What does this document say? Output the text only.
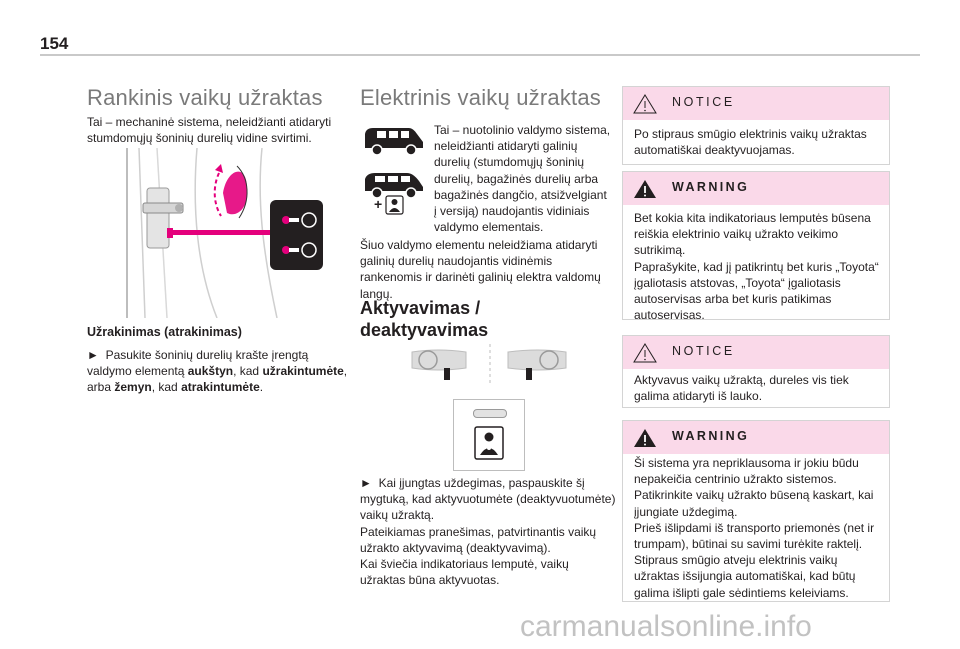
154
Rankinis vaikų užraktas
Tai – mechaninė sistema, neleidžianti atidaryti stumdomųjų šoninių durelių vidine svirtimi.
Užrakinimas (atrakinimas)
► Pasukite šoninių durelių krašte įrengtą valdymo elementą aukštyn, kad užrakintumėte, arba žemyn, kad atrakintumėte.
Elektrinis vaikų užraktas
+
Tai – nuotolinio valdymo sistema, neleidžianti atidaryti galinių durelių (stumdomųjų šoninių durelių, bagažinės durelių arba bagažinės dangčio, atsižvelgiant į versiją) naudojantis vidiniais valdymo elementais.
Šiuo valdymo elementu neleidžiama atidaryti galinių durelių naudojantis vidinėmis rankenomis ir darinėti galinių elektra valdomų langų.
Aktyvavimas /
deaktyvavimas
► Kai įjungtas uždegimas, paspauskite šį mygtuką, kad aktyvuotumėte (deaktyvuotumėte) vaikų užraktą.
Pateikiamas pranešimas, patvirtinantis vaikų užrakto aktyvavimą (deaktyvavimą).
Kai šviečia indikatoriaus lemputė, vaikų užraktas būna aktyvuotas.
NOTICE
Po stipraus smūgio elektrinis vaikų užraktas automatiškai deaktyvuojamas.
WARNING
Bet kokia kita indikatoriaus lemputės būsena reiškia elektrinio vaikų užrakto veikimo sutrikimą.
Paprašykite, kad jį patikrintų bet kuris „Toyota“ įgaliotasis atstovas, „Toyota“ įgaliotasis autoservisas arba bet kuris patikimas autoservisas.
NOTICE
Aktyvavus vaikų užraktą, dureles vis tiek galima atidaryti iš lauko.
WARNING
Ši sistema yra nepriklausoma ir jokiu būdu nepakeičia centrinio užrakto sistemos.
Patikrinkite vaikų užrakto būseną kaskart, kai įjungiate uždegimą.
Prieš išlipdami iš transporto priemonės (net ir trumpam), būtinai su savimi turėkite raktelį.
Stipraus smūgio atveju elektrinis vaikų užraktas išsijungia automatiškai, kad būtų galima išlipti gale sėdintiems keleiviams.
carmanualsonline.info
